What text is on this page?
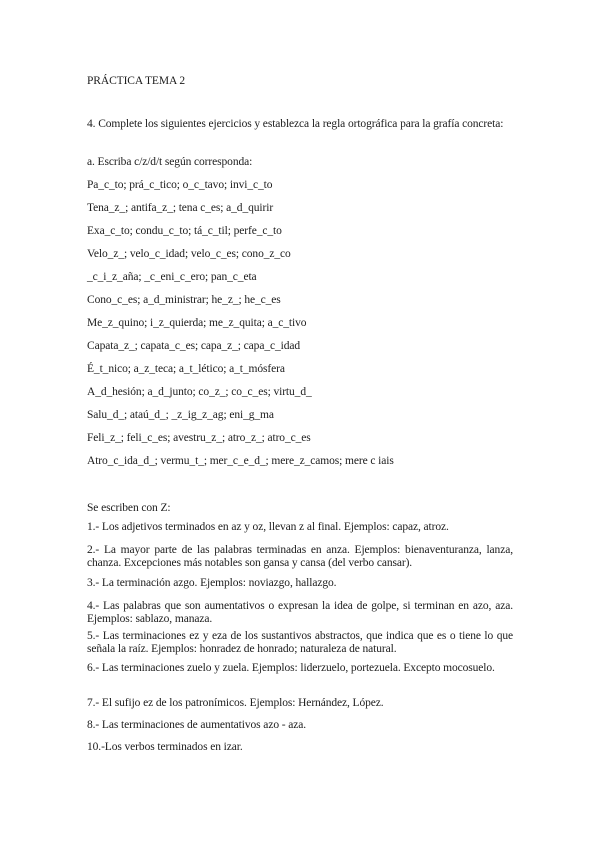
PRÁCTICA TEMA 2
4. Complete los siguientes ejercicios y establezca la regla ortográfica para la grafía concreta:
a. Escriba c/z/d/t según corresponda:
Pa_c_to; prá_c_tico; o_c_tavo; invi_c_to
Tena_z_; antifa_z_; tena c_es; a_d_quirir
Exa_c_to; condu_c_to; tá_c_til; perfe_c_to
Velo_z_; velo_c_idad; velo_c_es; cono_z_co
_c_i_z_aña; _c_eni_c_ero; pan_c_eta
Cono_c_es; a_d_ministrar; he_z_; he_c_es
Me_z_quino; i_z_quierda; me_z_quita; a_c_tivo
Capata_z_; capata_c_es; capa_z_; capa_c_idad
É_t_nico; a_z_teca; a_t_lético; a_t_mósfera
A_d_hesión; a_d_junto; co_z_; co_c_es; virtu_d_
Salu_d_; ataú_d_; _z_ig_z_ag; eni_g_ma
Feli_z_; feli_c_es; avestru_z_; atro_z_; atro_c_es
Atro_c_ida_d_; vermu_t_; mer_c_e_d_; mere_z_camos; mere c iais
Se escriben con Z:
1.- Los adjetivos terminados en az y oz, llevan z al final. Ejemplos: capaz, atroz.
2.- La mayor parte de las palabras terminadas en anza. Ejemplos: bienaventuranza, lanza, chanza. Excepciones más notables son gansa y cansa (del verbo cansar).
3.- La terminación azgo. Ejemplos: noviazgo, hallazgo.
4.- Las palabras que son aumentativos o expresan la idea de golpe, si terminan en azo, aza. Ejemplos: sablazo, manaza.
5.- Las terminaciones ez y eza de los sustantivos abstractos, que indica que es o tiene lo que señala la raíz. Ejemplos: honradez de honrado; naturaleza de natural.
6.- Las terminaciones zuelo y zuela. Ejemplos: liderzuelo, portezuela. Excepto mocosuelo.
7.- El sufijo ez de los patronímicos. Ejemplos: Hernández, López.
8.- Las terminaciones de aumentativos azo - aza.
10.-Los verbos terminados en izar.
